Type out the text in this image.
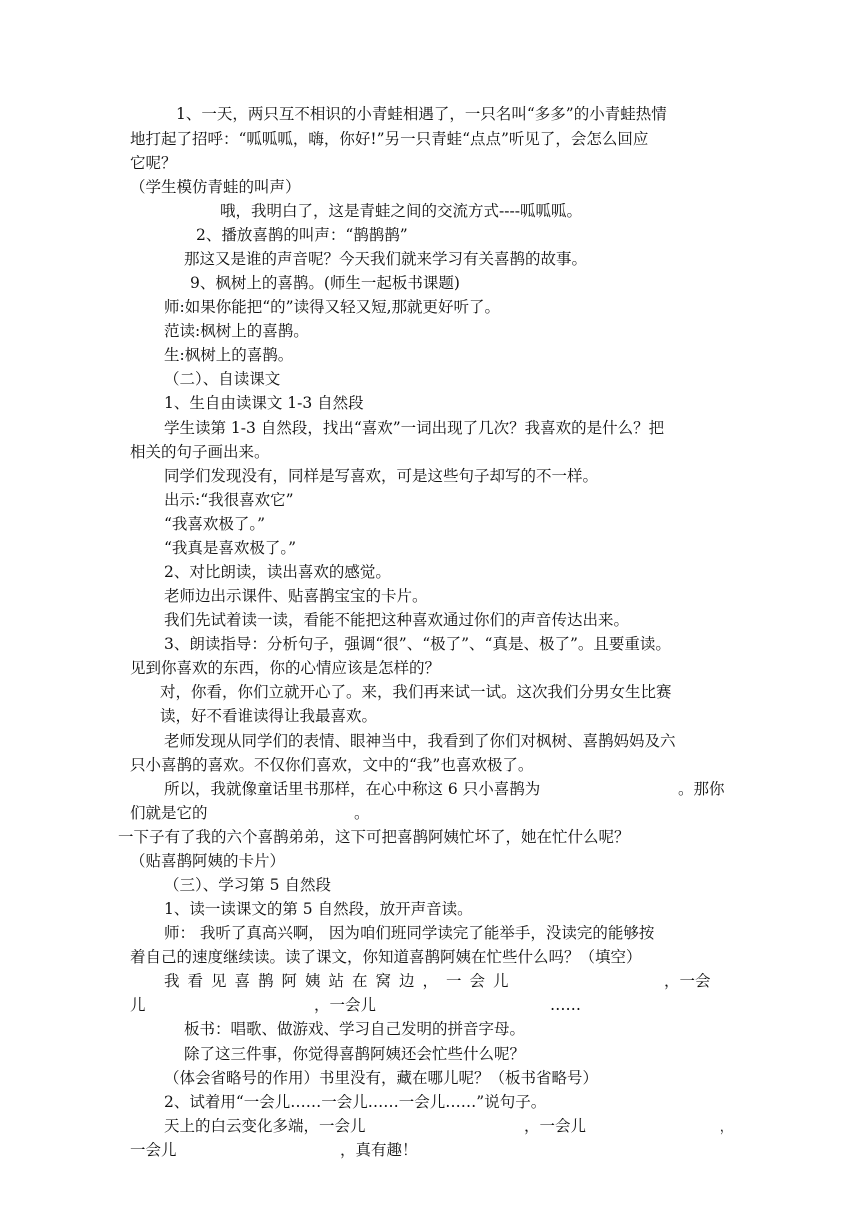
1、一天，两只互不相识的小青蛙相遇了，一只名叫“多多”的小青蛙热情

地打起了招呼：“呱呱呱，嗨，你好!”另一只青蛙“点点”听见了，会怎么回应

它呢？

（学生模仿青蛙的叫声）

哦，我明白了，这是青蛙之间的交流方式----呱呱呱。

2、播放喜鹊的叫声：“鹊鹊鹊”

那这又是谁的声音呢？今天我们就来学习有关喜鹊的故事。

9、枫树上的喜鹊。(师生一起板书课题)

师:如果你能把“的”读得又轻又短,那就更好听了。

范读:枫树上的喜鹊。

生:枫树上的喜鹊。

（二）、自读课文

1、生自由读课文 1-3 自然段

学生读第 1-3 自然段，找出“喜欢”一词出现了几次？我喜欢的是什么？把

相关的句子画出来。

同学们发现没有，同样是写喜欢，可是这些句子却写的不一样。

出示:“我很喜欢它”

“我喜欢极了。”

“我真是喜欢极了。”

2、对比朗读，读出喜欢的感觉。

老师边出示课件、贴喜鹊宝宝的卡片。

我们先试着读一读，看能不能把这种喜欢通过你们的声音传达出来。

3、朗读指导：分析句子，强调“很”、“极了”、“真是、极了”。且要重读。

见到你喜欢的东西，你的心情应该是怎样的？

对，你看，你们立就开心了。来，我们再来试一试。这次我们分男女生比赛

读，好不看谁读得让我最喜欢。

老师发现从同学们的表情、眼神当中，我看到了你们对枫树、喜鹊妈妈及六

只小喜鹊的喜欢。不仅你们喜欢，文中的“我”也喜欢极了。

所以，我就像童话里书那样，在心中称这 6 只小喜鹊为	。那你

们就是它的	。

一下子有了我的六个喜鹊弟弟，这下可把喜鹊阿姨忙坏了，她在忙什么呢？

（贴喜鹊阿姨的卡片）

（三）、学习第 5 自然段

1、读一读课文的第 5 自然段，放开声音读。

师： 我听了真高兴啊， 因为咱们班同学读完了能举手，没读完的能够按

着自己的速度继续读。读了课文，你知道喜鹊阿姨在忙些什么吗？（填空）

我看见喜鹊阿姨站在窝边，一会儿	，一会

儿	，一会儿	……

板书：唱歌、做游戏、学习自己发明的拼音字母。

除了这三件事，你觉得喜鹊阿姨还会忙些什么呢？

（体会省略号的作用）书里没有，藏在哪儿呢？（板书省略号）

2、试着用“一会儿……一会儿……一会儿……”说句子。

天上的白云变化多端，一会儿	，一会儿	，

一会儿	，真有趣！
